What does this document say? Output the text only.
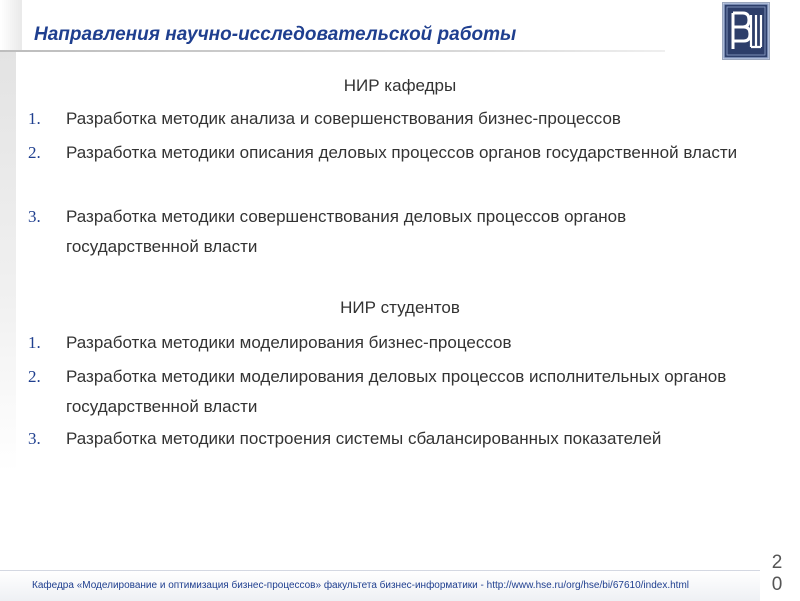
Направления научно-исследовательской работы
НИР кафедры
1.	Разработка методик анализа и совершенствования бизнес-процессов
2.	Разработка методики описания деловых процессов органов государственной власти
3.	Разработка методики совершенствования деловых процессов органов государственной власти
НИР студентов
1.	Разработка методики моделирования бизнес-процессов
2.	Разработка методики моделирования деловых процессов исполнительных органов государственной власти
3.	Разработка методики построения системы сбалансированных показателей
20
Кафедра «Моделирование и оптимизация бизнес-процессов» факультета бизнес-информатики - http://www.hse.ru/org/hse/bi/67610/index.html
